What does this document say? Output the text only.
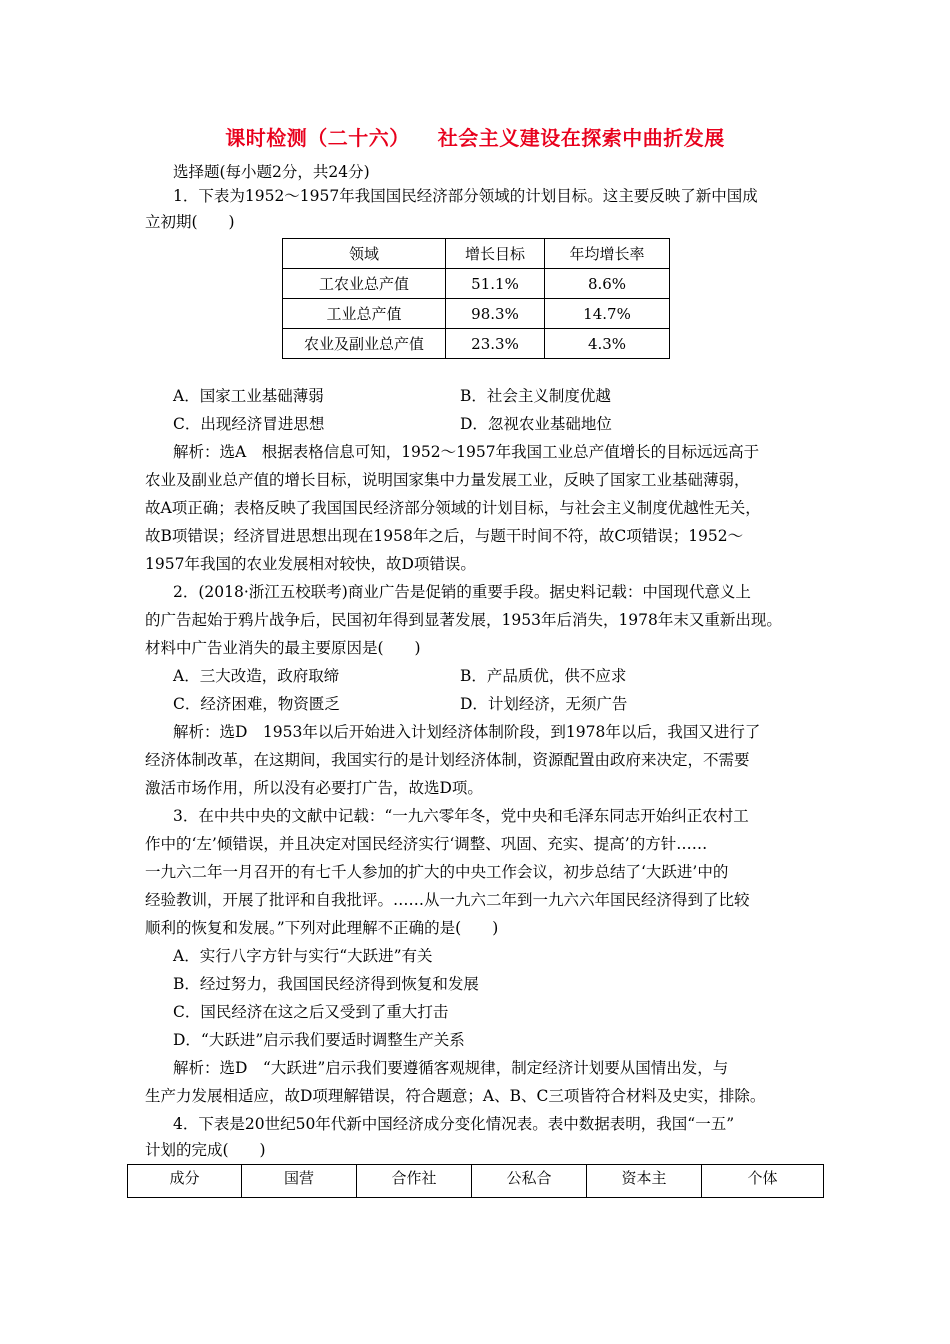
课时检测（二十六） 社会主义建设在探索中曲折发展
选择题(每小题2分，共24分)
1．下表为1952～1957年我国国民经济部分领域的计划目标。这主要反映了新中国成
立初期(　　)
领域	增长目标	年均增长率
工农业总产值	51.1%	8.6%
工业总产值	98.3%	14.7%
农业及副业总产值	23.3%	4.3%
A．国家工业基础薄弱	B．社会主义制度优越
C．出现经济冒进思想	D．忽视农业基础地位
解析：选A　根据表格信息可知，1952～1957年我国工业总产值增长的目标远远高于
农业及副业总产值的增长目标，说明国家集中力量发展工业，反映了国家工业基础薄弱，
故A项正确；表格反映了我国国民经济部分领域的计划目标，与社会主义制度优越性无关，
故B项错误；经济冒进思想出现在1958年之后，与题干时间不符，故C项错误；1952～
1957年我国的农业发展相对较快，故D项错误。
2．(2018·浙江五校联考)商业广告是促销的重要手段。据史料记载：中国现代意义上
的广告起始于鸦片战争后，民国初年得到显著发展，1953年后消失，1978年末又重新出现。
材料中广告业消失的最主要原因是(　　)
A．三大改造，政府取缔	B．产品质优，供不应求
C．经济困难，物资匮乏	D．计划经济，无须广告
解析：选D　1953年以后开始进入计划经济体制阶段，到1978年以后，我国又进行了
经济体制改革，在这期间，我国实行的是计划经济体制，资源配置由政府来决定，不需要
激活市场作用，所以没有必要打广告，故选D项。
3．在中共中央的文献中记载：“一九六零年冬，党中央和毛泽东同志开始纠正农村工
作中的‘左’倾错误，并且决定对国民经济实行‘调整、巩固、充实、提高’的方针……
一九六二年一月召开的有七千人参加的扩大的中央工作会议，初步总结了‘大跃进’中的
经验教训，开展了批评和自我批评。……从一九六二年到一九六六年国民经济得到了比较
顺利的恢复和发展。”下列对此理解不正确的是(　　)
A．实行八字方针与实行“大跃进”有关
B．经过努力，我国国民经济得到恢复和发展
C．国民经济在这之后又受到了重大打击
D．“大跃进”启示我们要适时调整生产关系
解析：选D　“大跃进”启示我们要遵循客观规律，制定经济计划要从国情出发，与
生产力发展相适应，故D项理解错误，符合题意；A、B、C三项皆符合材料及史实，排除。
4．下表是20世纪50年代新中国经济成分变化情况表。表中数据表明，我国“一五”
计划的完成(　　)
成分	国营	合作社	公私合	资本主	个体
